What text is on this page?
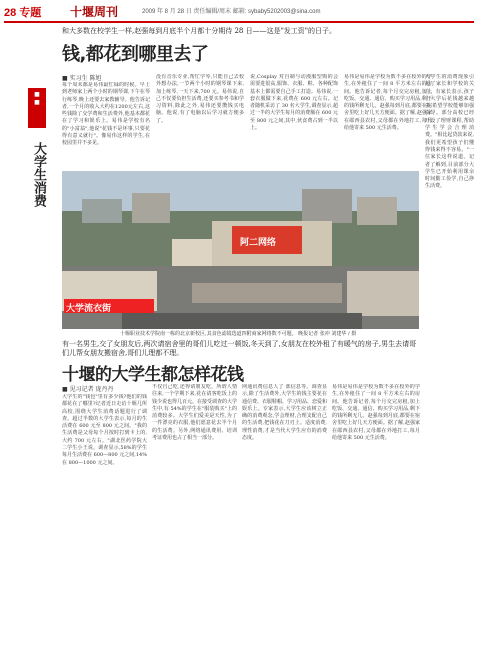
28 专题 十堰周刊	2009 年 8 月 28 日 责任编辑/周末 邮箱: sybaby5202003@sina.com
和大多数在校学生一样,赵强每到月底半个月都十分期待 28 日——这是"发工资"的日子。
钱,都花到哪里去了
■
■
大学生消费
■ 实习生 陈旭
每个周末都是易伟最忙碌的时候。早上到老师家上两个小时的钢琴课,下午在琴行练琴,晚上还要去家教辅导。他告诉记者,一个月的收入大约在1200元左右,这些钱除了交学费和生活费外,他基本都花在了学习和娱乐上。易伟是学校有名的"小富翁",他说"花钱不是坏事,只要花得有意义就行"。像易伟这样的学生,在校园里并不多见。
没有音乐专业,帮忙学琴,只能自己去校外想办法,一节两个小时的钢琴课下来,加上练琴,一天下来,700 元。易伟说,自己不仅要负担生活费,还要买参考书和学习资料,除此之外,易伟还要攒钱买电脑。他说,有了电脑以后学习就方便多了。
说,Cosplay 对自制与动漫服型购的会需要进很高,服饰、衣服、鞋、各种配饰基本上都需要自己手工打造。易伟说,一套衣服做下来,花费在 600 元左右。记者随机采访了 30 名大学生,调查显示,超过一半的大学生每月的消费额在 600 元至 800 元之间,其中,伙食费占到一半以上。
易伟是易伟是学校为数不多在校外的学生,在外租住了一间 8 平方米左右的房间。他告诉记者,每个月交完房租,加上吃饭、交通、通信、购买学习用品,剩下的钱所剩无几。赵强每到月底,都要在宿舍里吃上好几天方便面。据了解,赵强家在郧西县农村,父母都在外地打工,每月给他寄来 500 元生活费。
大学生的消费现象引起了家长和学校的关注。有家长表示,孩子上大学后花钱越来越多,希望学校能够加强引导。部分高校已经开设了理财课程,帮助学生学会合理消费。"相比起贷款来说,我们更希望孩子们懂得钱来得不容易。"一位家长这样说道。记者了解到,目前部分大学生已开始利用课余时间勤工俭学,自己挣生活费。
大学流衣街
阿二网络
十堰职业技术学院南一栋的北京新校区,其食色滤镜选道四附商家网络数不可题。 晚报记者 张冲 刘建华 / 摄
有一名男生,交了女朋友后,两次请宿舍里的哥们儿吃过一顿饭,冬天到了,女朋友在校外租了有暖气的房子,男生去请哥们儿帮女朋友搬宿舍,哥们儿理都不理。
十堰的大学生都怎样花钱
■ 见习记者 庞丹丹
大学生的"钱包"里有多少钱?他们的钱都花在了哪里?记者近日走访十堰几所高校,围绕大学生消费话题进行了调查。超过半数的大学生表示,每月的生活费在 600 元至 800 元之间。"我的生活费是父母每个月按时打到卡上的,大约 700 元左右。"湖北医药学院大二学生小王说。调查显示,58%的学生每月生活费在 600—800 元之间,14%在 800—1000 元之间。
不仅自己吃,还得请朋友吃。所谓人情往来,一个学期下来,花在请客吃饭上的钱少说也得几百元。在接受调查的大学生中,有 54%的学生在"服装购买"上的消费较多。大学生们爱美是天性,为了一件漂亮的衣服,他们愿意花去半个月的生活费。另外,网络通讯费用、培训考证费用也占了相当一部分。
网通讯费信息人了 部信息等。调查显示,除了生活费外,大学生的钱主要花在通信费、衣服鞋帽、学习用品、恋爱和娱乐上。专家表示,大学生应该树立正确的消费观念,学会理财,合理支配自己的生活费,把钱花在刀刃上。适度消费,理性消费,才是当代大学生应有的消费态度。
易伟是易伟是学校为数不多在校外的学生,在外租住了一间 8 平方米左右的房间。他告诉记者,每个月交完房租,加上吃饭、交通、通信、购买学习用品,剩下的钱所剩无几。赵强每到月底,都要在宿舍里吃上好几天方便面。据了解,赵强家在郧西县农村,父母都在外地打工,每月给他寄来 500 元生活费。
